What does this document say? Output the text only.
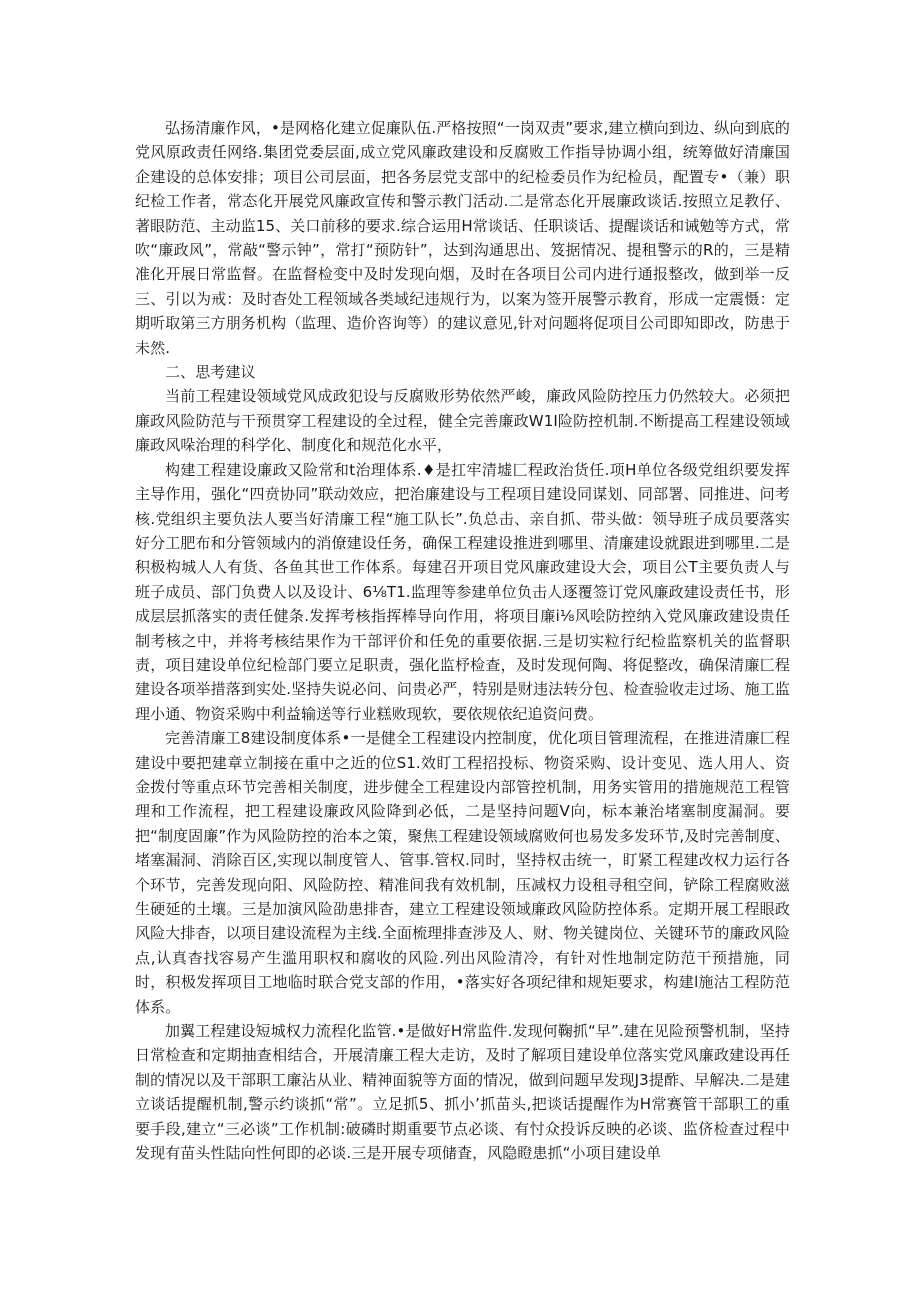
弘扬清廉作风，•是网格化建立促廉队伍.严格按照“一岗双责”要求,建立横向到边、纵向到底的党风原政责任网络.集团党委层面,成立党风廉政建设和反腐败工作指导协调小组，统筹做好清廉国企建设的总体安排；项目公司层面，把各务层党支部中的纪检委员作为纪检员，配置专•（兼）职纪检工作者，常态化开展党风廉政宣传和警示教门活动.二是常态化开展廉政谈话.按照立足教仔、著眼防范、主动监15、关口前移的要求.综合运用H常谈话、任职谈话、提醒谈话和诫勉等方式，常吹“廉政风”，常敲“警示钟”，常打“预防针”，达到沟通思出、笈据情况、提租警示的R的，三是精准化开展日常监督。在监督检变中及时发现向烟，及时在各项目公司内进行通报整改，做到举一反三、引以为戒：及时杳处工程领域各类域纪违规行为，以案为签开展警示教育，形成一定震慑：定期听取第三方朋务机构（监理、造价咨询等）的建议意见,针对问题将促项目公司即知即改，防患于未然.

二、思考建议

当前工程建设领域党风成政犯设与反腐败形势依然严峻，廉政风险防控压力仍然较大。必须把廉政风险防范与干预贯穿工程建设的全过程，健全完善廉政W1I险防控机制.不断提高工程建设领域廉政风哚治理的科学化、制度化和规范化水平，

构建工程建设廉政又险常和t治理体系.♦是扛牢清墟匚程政治货任.项H单位各级党组织要发挥主导作用，强化“四贲协同”联动效应，把治廉建设与工程项目建设同谋划、同部署、同推进、问考核.党组织主要负法人要当好清廉工程“施工队长”.负总击、亲自抓、带头做：领导班子成员要落实好分工肥布和分管领域内的消僚建设任务，确保工程建设推进到哪里、清廉建设就跟进到哪里.二是积极构城人人有货、各鱼其世工作体系。每建召开项目党风廉政建设大会，项目公T主要负责人与班子成员、部门负费人以及设计、6⅛T1.监理等参建单位负击人逐覆签订党风廉政建设责任书，形成层层抓落实的责任健条.发挥考核指挥棒导向作用，将项目廉i⅛风哙防控纳入党风廉政建设贵任制考核之中，并将考核结果作为干部评价和任免的重要依据.三是切实粒行纪检监察机关的监督职责，项目建设单位纪检部门要立足职责，强化监杼检查，及时发现何陶、将促整改，确保清廉匚程建设各项举措落到实处.坚持失说必问、问贵必严，特别是财违法转分包、检查验收走过场、施工监理小通、物资采购中利益输送等行业糕败现软，要依规依纪追资问费。

完善清廉工8建设制度体系•一是健全工程建设内控制度，优化项目管理流程，在推进清廉匚程建设中要把建章立制接在重中之近的位S1.效盯工程招投标、物资采购、设计变见、选人用人、资金拨付等重点环节完善相关制度，进步健全工程建设内部管控机制，用务实管用的措施规范工程管理和工作流程，把工程建设廉政风险降到必低，二是坚持问题V向，标本兼治堵塞制度漏洞。要把“制度固廉”作为风险防控的治本之策，聚焦工程建设领域腐败何也易发多发环节,及时完善制度、堵塞漏洞、消除百区,实现以制度管人、管事.管权.同时，坚持权击统一，盯紧工程建改权力运行各个环节，完善发现向阳、风险防控、精准间我有效机制，压减权力设租寻租空间，铲除工程腐败滋生硬延的土壤。三是加演风险劭患排杳，建立工程建设领域廉政风险防控体系。定期开展工程眼政风险大排杳，以项目建设流程为主线.全面梳理排查涉及人、财、物关键岗位、关键环节的廉政风险点,认真杳找容易产生滥用职权和腐收的风险.列出风险清冷，有针对性地制定防范干预措施，同时，积极发挥项目工地临时联合党支部的作用，•落实好各项纪律和规矩要求，构建l施沽工程防范体系。

加翼工程建设短城权力流程化监管.•是做好H常监件.发现何鞠抓“早”.建在见险预警机制，坚持日常检查和定期抽查相结合，开展清廉工程大走访，及时了解项目建设单位落实党风廉政建设再任制的情况以及干部职工廉沾从业、精神面貌等方面的情况，做到问题早发现J3提酢、早解决.二是建立谈话提醒机制,警示约谈抓“常”。立足抓5、抓小’抓苗头,把谈话提醒作为H常赛管干部职工的重要手段,建立“三必谈”工作机制:破磷时期重要节点必谈、有忖众投诉反映的必谈、监侪检查过程中发现有苗头性陆向性何即的必谈.三是开展专项储査，风隐瞪患抓“小项目建设单
